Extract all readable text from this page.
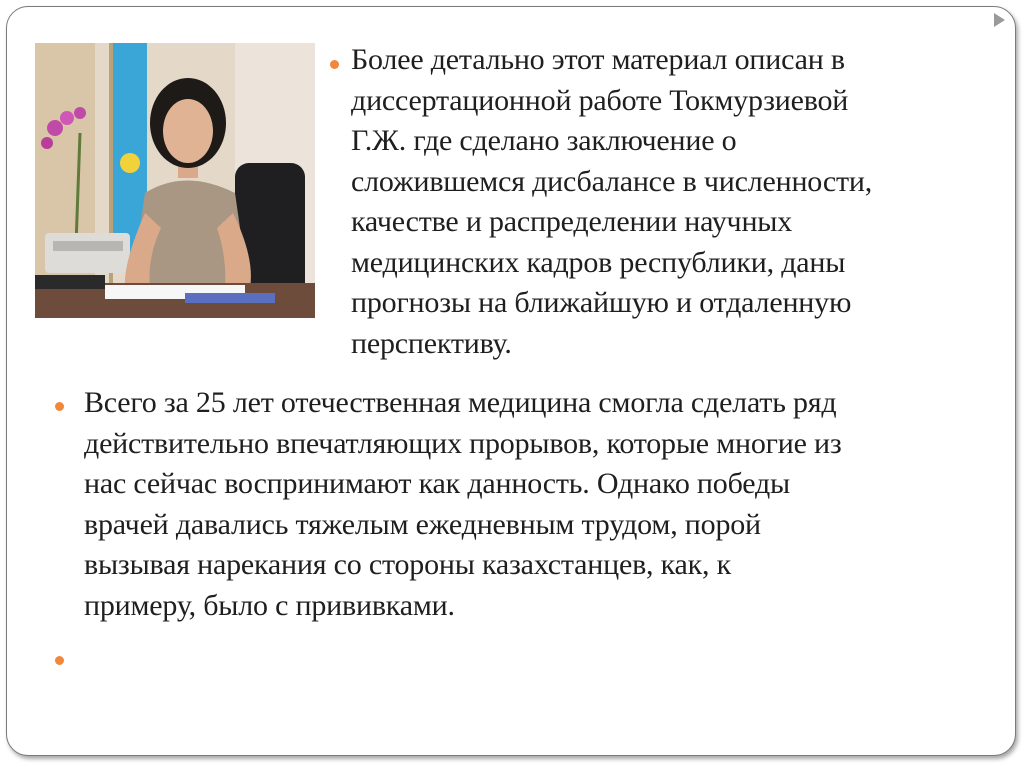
Более детально этот материал описан в
диссертационной работе Токмурзиевой
Г.Ж. где сделано заключение о
сложившемся дисбалансе в численности,
качестве и распределении научных
медицинских кадров республики, даны
прогнозы на ближайшую и отдаленную
перспективу.
Всего за 25 лет отечественная медицина смогла сделать ряд
действительно впечатляющих прорывов, которые многие из
нас сейчас воспринимают как данность. Однако победы
врачей давались тяжелым ежедневным трудом, порой
вызывая нарекания со стороны казахстанцев, как, к
примеру, было с прививками.
